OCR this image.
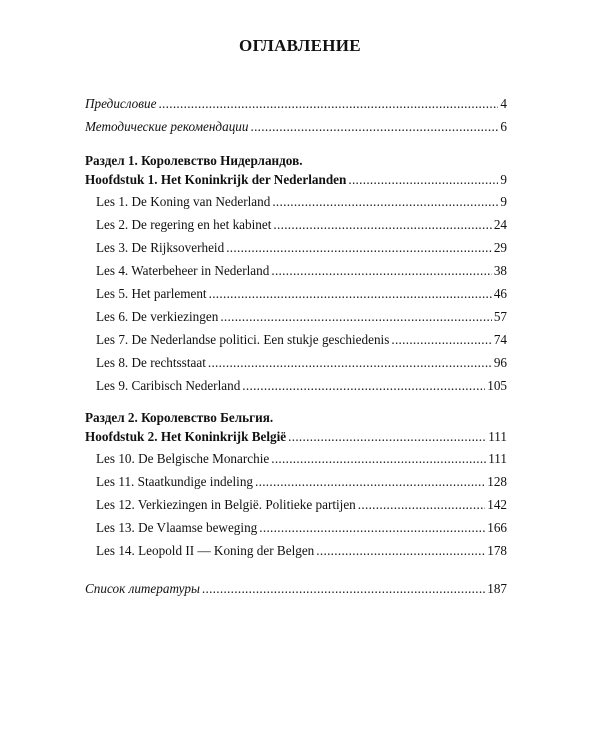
ОГЛАВЛЕНИЕ
Предисловие .....	4
Методические рекомендации .....	6
Раздел 1. Королевство Нидерландов.
Hoofdstuk 1. Het Koninkrijk der Nederlanden .....	9
Les 1. De Koning van Nederland .....	9
Les 2. De regering en het kabinet .....	24
Les 3. De Rijksoverheid .....	29
Les 4. Waterbeheer in Nederland .....	38
Les 5. Het parlement .....	46
Les 6. De verkiezingen .....	57
Les 7. De Nederlandse politici. Een stukje geschiedenis .....	74
Les 8. De rechtsstaat .....	96
Les 9. Caribisch Nederland .....	105
Раздел 2. Королевство Бельгия.
Hoofdstuk 2. Het Koninkrijk België .....	111
Les 10. De Belgische Monarchie .....	111
Les 11. Staatkundige indeling .....	128
Les 12. Verkiezingen in België. Politieke partijen .....	142
Les 13. De Vlaamse beweging .....	166
Les 14. Leopold II — Koning der Belgen .....	178
Список литературы .....	187
